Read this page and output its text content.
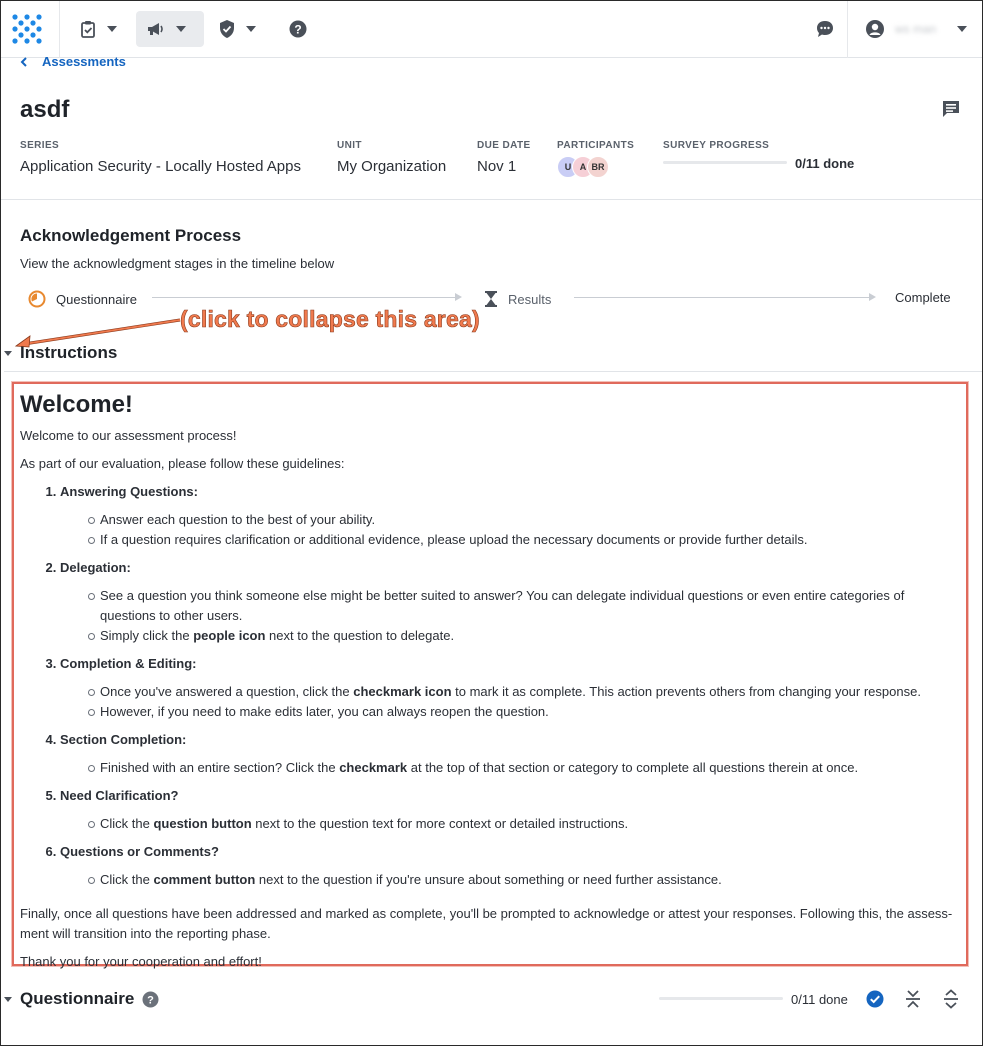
?	ws man
Assessments
asdf
SERIES
Application Security - Locally Hosted Apps
UNIT
My Organization
DUE DATE
Nov 1
PARTICIPANTS
U A BR
SURVEY PROGRESS
0/11 done
Acknowledgement Process
View the acknowledgment stages in the timeline below
Questionnaire	Results	Complete
(click to collapse this area)
Instructions
Welcome!
Welcome to our assessment process!
As part of our evaluation, please follow these guidelines:
1. Answering Questions:
Answer each question to the best of your ability.
If a question requires clarification or additional evidence, please upload the necessary documents or provide further details.
2. Delegation:
See a question you think someone else might be better suited to answer? You can delegate individual questions or even entire categories of questions to other users.
Simply click the people icon next to the question to delegate.
3. Completion & Editing:
Once you've answered a question, click the checkmark icon to mark it as complete. This action prevents others from changing your response.
However, if you need to make edits later, you can always reopen the question.
4. Section Completion:
Finished with an entire section? Click the checkmark at the top of that section or category to complete all questions therein at once.
5. Need Clarification?
Click the question button next to the question text for more context or detailed instructions.
6. Questions or Comments?
Click the comment button next to the question if you're unsure about something or need further assistance.
Finally, once all questions have been addressed and marked as complete, you'll be prompted to acknowledge or attest your responses. Following this, the assess-ment will transition into the reporting phase.
Thank you for your cooperation and effort!
Questionnaire ?	0/11 done
